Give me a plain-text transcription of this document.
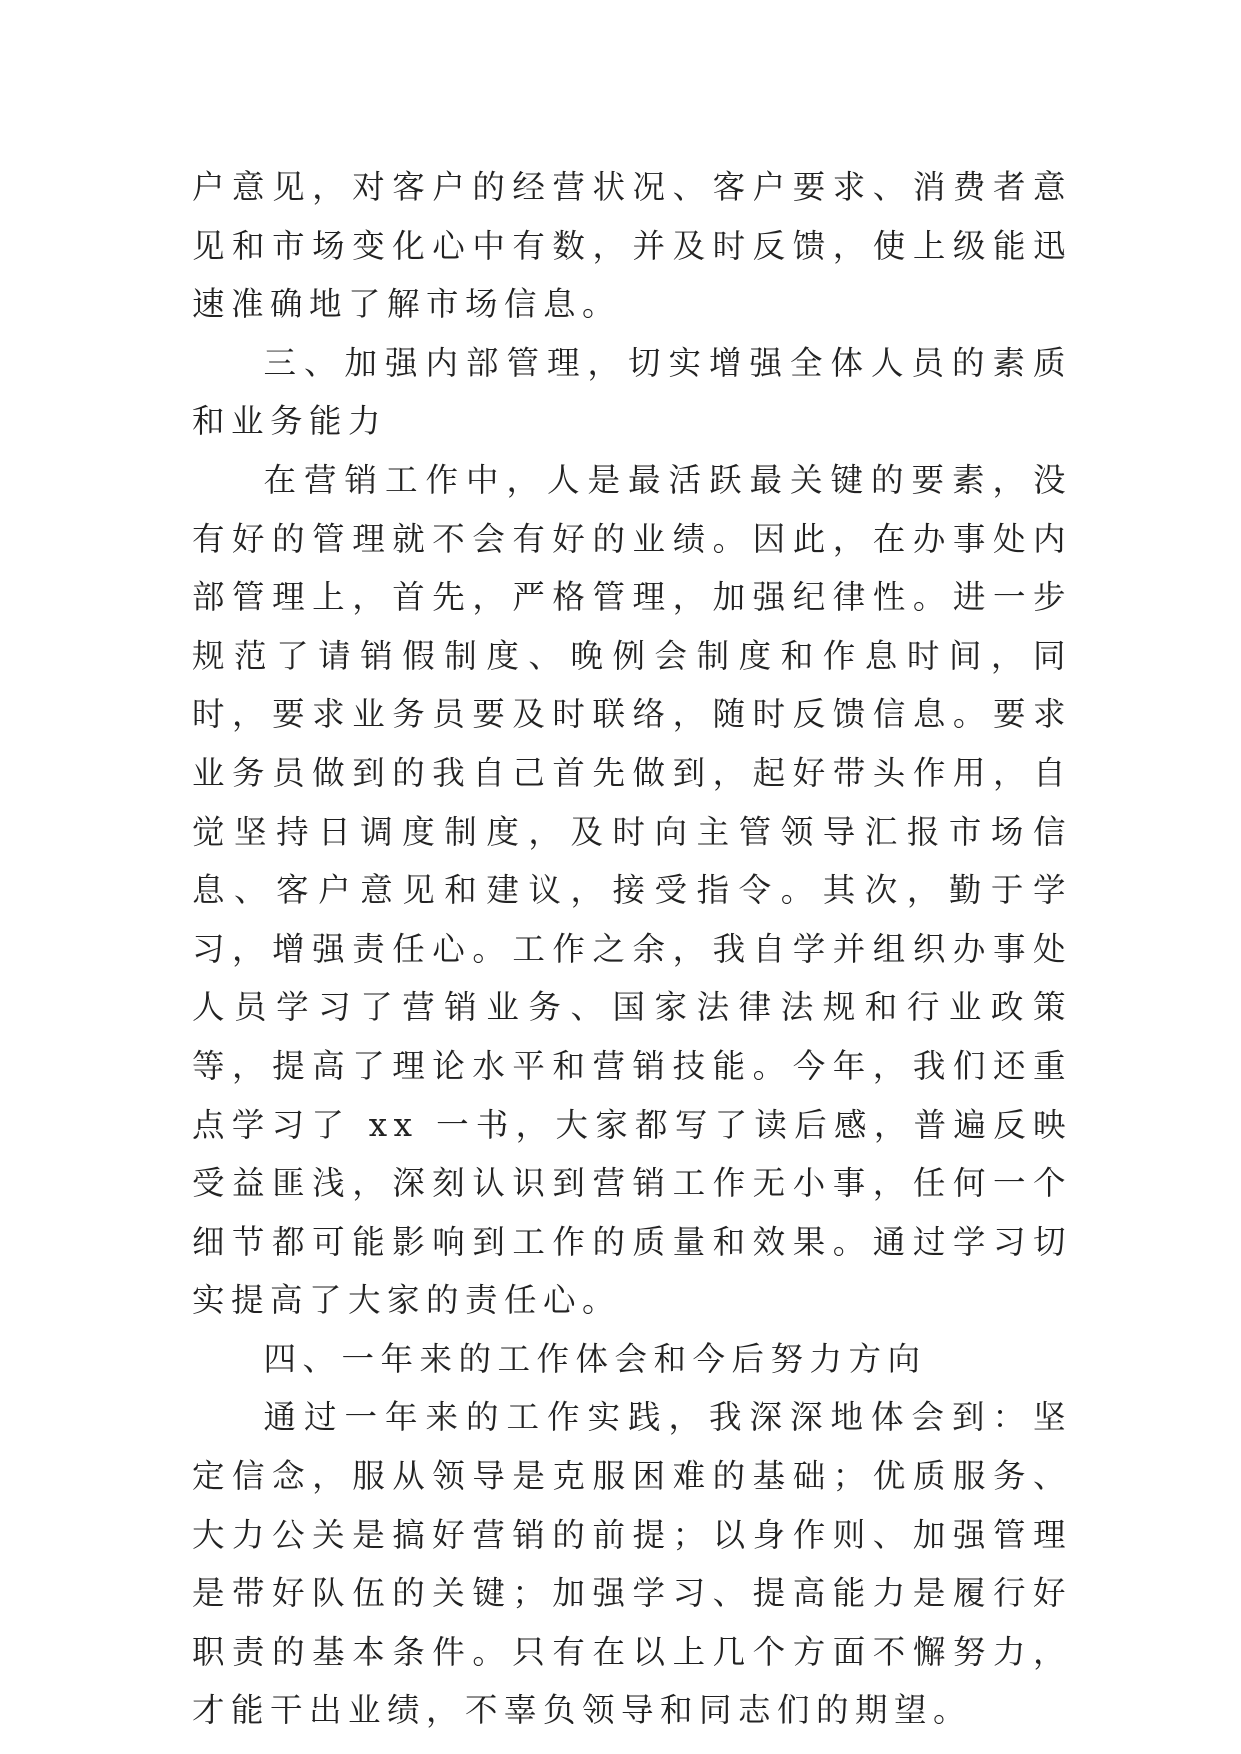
户意见，对客户的经营状况、客户要求、消费者意见和市场变化心中有数，并及时反馈，使上级能迅速准确地了解市场信息。

三、加强内部管理，切实增强全体人员的素质和业务能力

在营销工作中，人是最活跃最关键的要素，没有好的管理就不会有好的业绩。因此，在办事处内部管理上，首先，严格管理，加强纪律性。进一步规范了请销假制度、晚例会制度和作息时间，同时，要求业务员要及时联络，随时反馈信息。要求业务员做到的我自己首先做到，起好带头作用，自觉坚持日调度制度，及时向主管领导汇报市场信息、客户意见和建议，接受指令。其次，勤于学习，增强责任心。工作之余，我自学并组织办事处人员学习了营销业务、国家法律法规和行业政策等，提高了理论水平和营销技能。今年，我们还重点学习了 xx 一书，大家都写了读后感，普遍反映受益匪浅，深刻认识到营销工作无小事，任何一个细节都可能影响到工作的质量和效果。通过学习切实提高了大家的责任心。

四、一年来的工作体会和今后努力方向

通过一年来的工作实践，我深深地体会到：坚定信念，服从领导是克服困难的基础；优质服务、大力公关是搞好营销的前提；以身作则、加强管理是带好队伍的关键；加强学习、提高能力是履行好职责的基本条件。只有在以上几个方面不懈努力，才能干出业绩，不辜负领导和同志们的期望。
